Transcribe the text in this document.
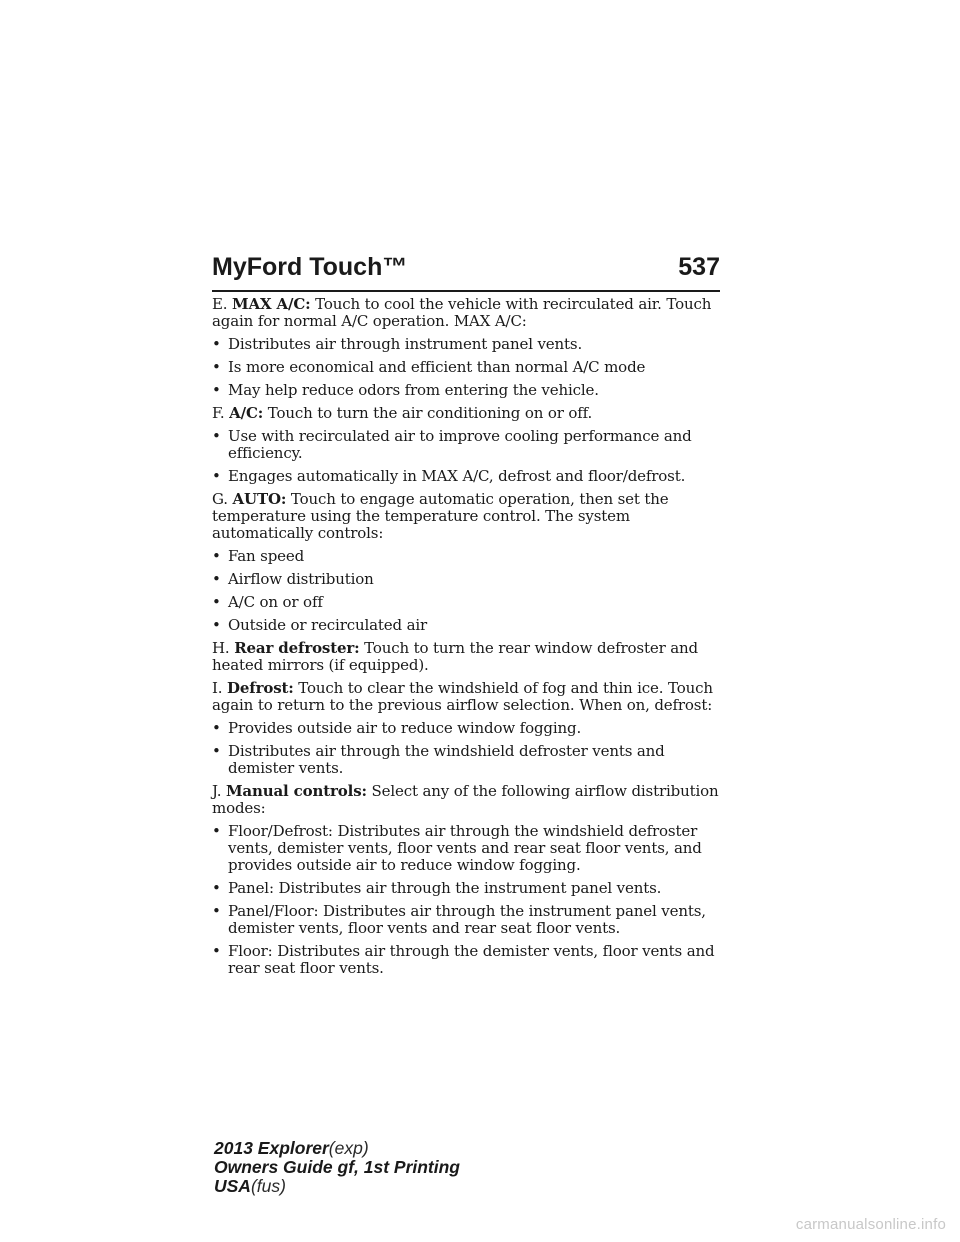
MyFord Touch™	537
E. MAX A/C: Touch to cool the vehicle with recirculated air. Touch again for normal A/C operation. MAX A/C:
• Distributes air through instrument panel vents.
• Is more economical and efficient than normal A/C mode
• May help reduce odors from entering the vehicle.
F. A/C: Touch to turn the air conditioning on or off.
• Use with recirculated air to improve cooling performance and efficiency.
• Engages automatically in MAX A/C, defrost and floor/defrost.
G. AUTO: Touch to engage automatic operation, then set the temperature using the temperature control. The system automatically controls:
• Fan speed
• Airflow distribution
• A/C on or off
• Outside or recirculated air
H. Rear defroster: Touch to turn the rear window defroster and heated mirrors (if equipped).
I. Defrost: Touch to clear the windshield of fog and thin ice. Touch again to return to the previous airflow selection. When on, defrost:
• Provides outside air to reduce window fogging.
• Distributes air through the windshield defroster vents and demister vents.
J. Manual controls: Select any of the following airflow distribution modes:
• Floor/Defrost: Distributes air through the windshield defroster vents, demister vents, floor vents and rear seat floor vents, and provides outside air to reduce window fogging.
• Panel: Distributes air through the instrument panel vents.
• Panel/Floor: Distributes air through the instrument panel vents, demister vents, floor vents and rear seat floor vents.
• Floor: Distributes air through the demister vents, floor vents and rear seat floor vents.
2013 Explorer(exp)
Owners Guide gf, 1st Printing
USA(fus)
carmanualsonline.info
